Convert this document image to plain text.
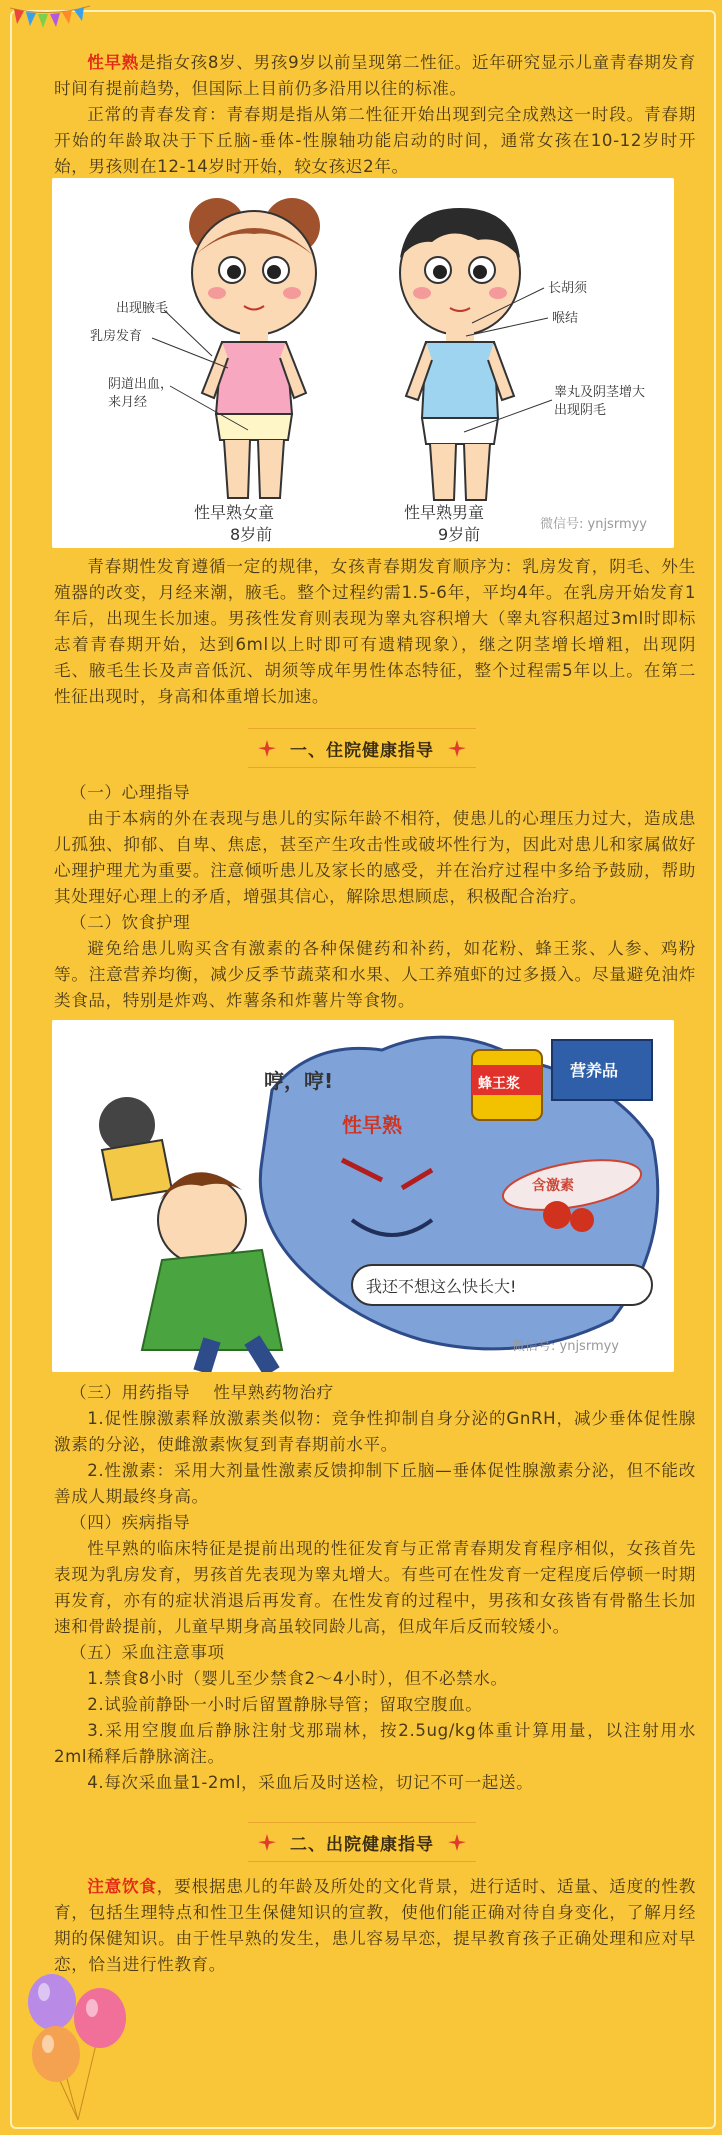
性早熟是指女孩8岁、男孩9岁以前呈现第二性征。近年研究显示儿童青春期发育时间有提前趋势，但国际上目前仍多沿用以往的标准。

正常的青春发育：青春期是指从第二性征开始出现到完全成熟这一时段。青春期开始的年龄取决于下丘脑-垂体-性腺轴功能启动的时间，通常女孩在10-12岁时开始，男孩则在12-14岁时开始，较女孩迟2年。

出现腋毛
乳房发育
阴道出血，
来月经
性早熟女童
8岁前
长胡须
喉结
睾丸及阴茎增大
出现阴毛
性早熟男童
9岁前
微信号: ynjsrmyy

青春期性发育遵循一定的规律，女孩青春期发育顺序为：乳房发育，阴毛、外生殖器的改变，月经来潮，腋毛。整个过程约需1.5-6年，平均4年。在乳房开始发育1年后，出现生长加速。男孩性发育则表现为睾丸容积增大（睾丸容积超过3ml时即标志着青春期开始，达到6ml以上时即可有遗精现象），继之阴茎增长增粗，出现阴毛、腋毛生长及声音低沉、胡须等成年男性体态特征，整个过程需5年以上。在第二性征出现时，身高和体重增长加速。

一、住院健康指导

（一）心理指导

由于本病的外在表现与患儿的实际年龄不相符，使患儿的心理压力过大，造成患儿孤独、抑郁、自卑、焦虑，甚至产生攻击性或破坏性行为，因此对患儿和家属做好心理护理尤为重要。注意倾听患儿及家长的感受，并在治疗过程中多给予鼓励，帮助其处理好心理上的矛盾，增强其信心，解除思想顾虑，积极配合治疗。

（二）饮食护理

避免给患儿购买含有激素的各种保健药和补药，如花粉、蜂王浆、人参、鸡粉等。注意营养均衡，减少反季节蔬菜和水果、人工养殖虾的过多摄入。尽量避免油炸类食品，特别是炸鸡、炸薯条和炸薯片等食物。

哼，哼!
性早熟
蜂王浆
营养品
含激素
我还不想这么快长大!
微信号: ynjsrmyy

（三）用药指导　 性早熟药物治疗

1.促性腺激素释放激素类似物：竞争性抑制自身分泌的GnRH，减少垂体促性腺激素的分泌，使雌激素恢复到青春期前水平。

2.性激素：采用大剂量性激素反馈抑制下丘脑—垂体促性腺激素分泌，但不能改善成人期最终身高。

（四）疾病指导

性早熟的临床特征是提前出现的性征发育与正常青春期发育程序相似，女孩首先表现为乳房发育，男孩首先表现为睾丸增大。有些可在性发育一定程度后停顿一时期再发育，亦有的症状消退后再发育。在性发育的过程中，男孩和女孩皆有骨骼生长加速和骨龄提前，儿童早期身高虽较同龄儿高，但成年后反而较矮小。

（五）采血注意事项

1.禁食8小时（婴儿至少禁食2～4小时），但不必禁水。

2.试验前静卧一小时后留置静脉导管；留取空腹血。

3.采用空腹血后静脉注射戈那瑞林，按2.5ug/kg体重计算用量，以注射用水2ml稀释后静脉滴注。

4.每次采血量1-2ml，采血后及时送检，切记不可一起送。

二、出院健康指导

注意饮食，要根据患儿的年龄及所处的文化背景，进行适时、适量、适度的性教育，包括生理特点和性卫生保健知识的宣教，使他们能正确对待自身变化，了解月经期的保健知识。由于性早熟的发生，患儿容易早恋，提早教育孩子正确处理和应对早恋，恰当进行性教育。
